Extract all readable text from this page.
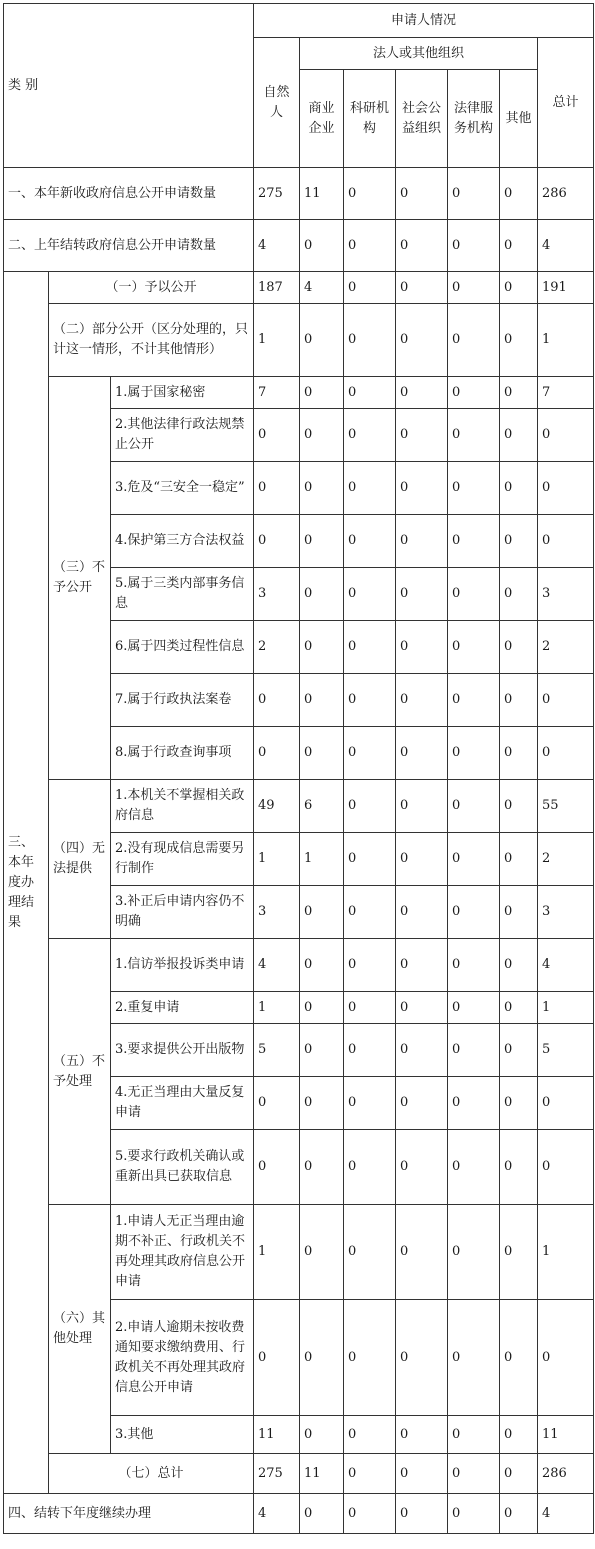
类 别			申请人情况						
			自然人	法人或其他组织					总计
				商业企业	科研机构	社会公益组织	法律服务机构	其他	
一、本年新收政府信息公开申请数量			275	11	0	0	0	0	286
二、上年结转政府信息公开申请数量			4	0	0	0	0	0	4
三、本年度办理结果	（一）予以公开		187	4	0	0	0	0	191
	（二）部分公开（区分处理的，只计这一情形，不计其他情形）		1	0	0	0	0	0	1
	（三）不予公开	1.属于国家秘密	7	0	0	0	0	0	7
		2.其他法律行政法规禁止公开	0	0	0	0	0	0	0
		3.危及“三安全一稳定”	0	0	0	0	0	0	0
		4.保护第三方合法权益	0	0	0	0	0	0	0
		5.属于三类内部事务信息	3	0	0	0	0	0	3
		6.属于四类过程性信息	2	0	0	0	0	0	2
		7.属于行政执法案卷	0	0	0	0	0	0	0
		8.属于行政查询事项	0	0	0	0	0	0	0
	（四）无法提供	1.本机关不掌握相关政府信息	49	6	0	0	0	0	55
		2.没有现成信息需要另行制作	1	1	0	0	0	0	2
		3.补正后申请内容仍不明确	3	0	0	0	0	0	3
	（五）不予处理	1.信访举报投诉类申请	4	0	0	0	0	0	4
		2.重复申请	1	0	0	0	0	0	1
		3.要求提供公开出版物	5	0	0	0	0	0	5
		4.无正当理由大量反复申请	0	0	0	0	0	0	0
		5.要求行政机关确认或重新出具已获取信息	0	0	0	0	0	0	0
	（六）其他处理	1.申请人无正当理由逾期不补正、行政机关不再处理其政府信息公开申请	1	0	0	0	0	0	1
		2.申请人逾期未按收费通知要求缴纳费用、行政机关不再处理其政府信息公开申请	0	0	0	0	0	0	0
		3.其他	11	0	0	0	0	0	11
	（七）总计		275	11	0	0	0	0	286
四、结转下年度继续办理			4	0	0	0	0	0	4
